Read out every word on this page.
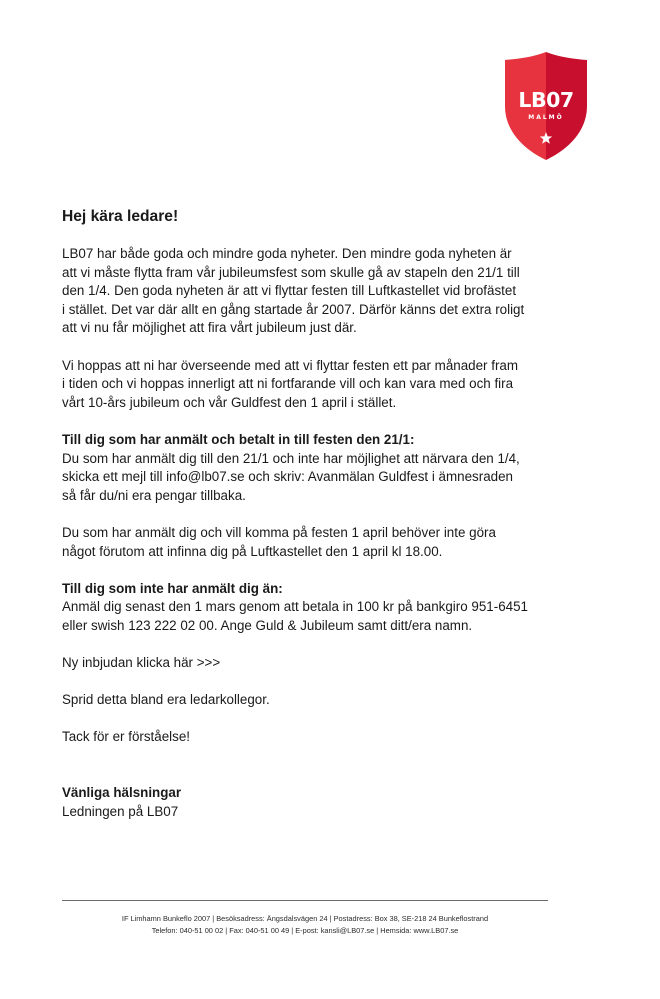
LB07
MALMÖ
Hej kära ledare!

LB07 har både goda och mindre goda nyheter. Den mindre goda nyheten är
att vi måste flytta fram vår jubileumsfest som skulle gå av stapeln den 21/1 till
den 1/4. Den goda nyheten är att vi flyttar festen till Luftkastellet vid brofästet
i stället. Det var där allt en gång startade år 2007. Därför känns det extra roligt
att vi nu får möjlighet att fira vårt jubileum just där.

Vi hoppas att ni har överseende med att vi flyttar festen ett par månader fram
i tiden och vi hoppas innerligt att ni fortfarande vill och kan vara med och fira
vårt 10-års jubileum och vår Guldfest den 1 april i stället.

Till dig som har anmält och betalt in till festen den 21/1:
Du som har anmält dig till den 21/1 och inte har möjlighet att närvara den 1/4,
skicka ett mejl till info@lb07.se och skriv: Avanmälan Guldfest i ämnesraden
så får du/ni era pengar tillbaka.

Du som har anmält dig och vill komma på festen 1 april behöver inte göra
något förutom att infinna dig på Luftkastellet den 1 april kl 18.00.

Till dig som inte har anmält dig än:
Anmäl dig senast den 1 mars genom att betala in 100 kr på bankgiro 951-6451
eller swish 123 222 02 00. Ange Guld & Jubileum samt ditt/era namn.

Ny inbjudan klicka här >>>

Sprid detta bland era ledarkollegor.

Tack för er förståelse!

Vänliga hälsningar
Ledningen på LB07
IF Limhamn Bunkeflo 2007 | Besöksadress: Ängsdalsvägen 24 | Postadress: Box 38, SE-218 24 Bunkeflostrand
Telefon: 040-51 00 02 | Fax: 040-51 00 49 | E-post: kansli@LB07.se | Hemsida: www.LB07.se
